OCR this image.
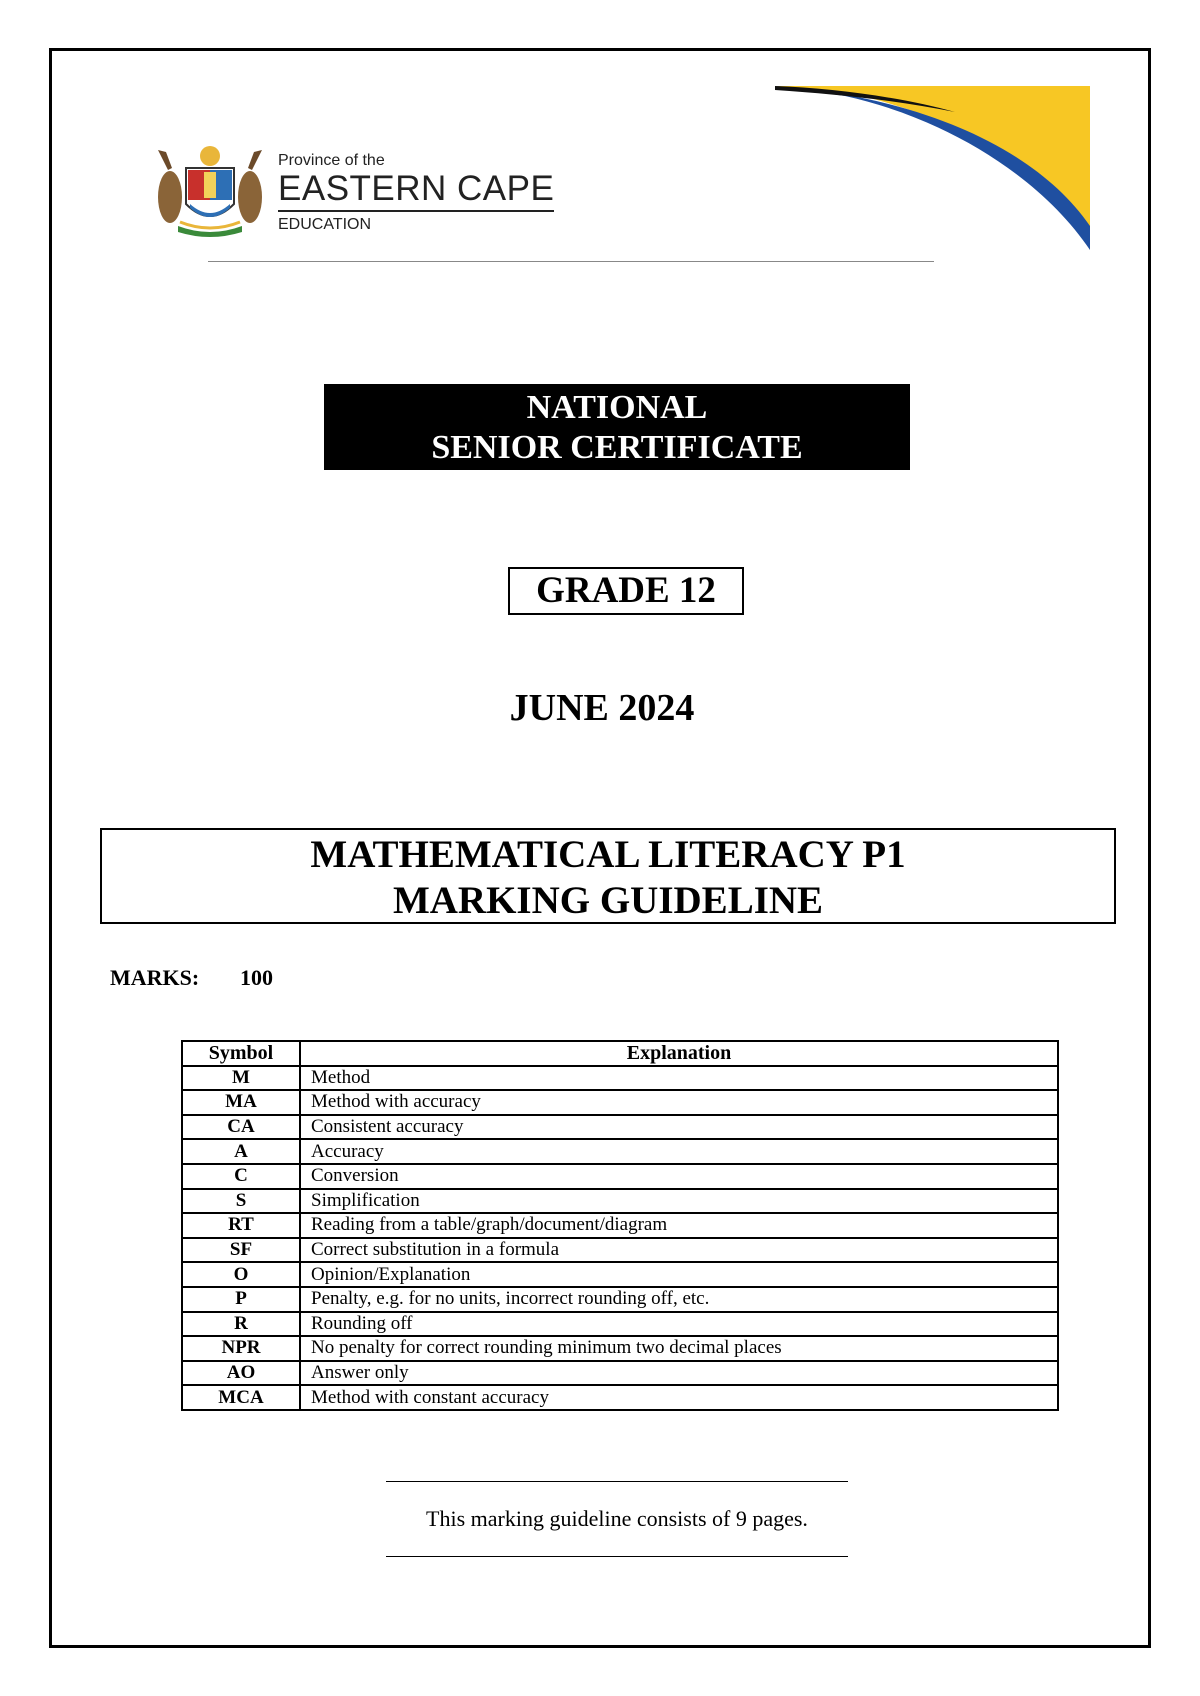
Province of the
EASTERN CAPE
EDUCATION
NATIONAL
SENIOR CERTIFICATE
GRADE 12
JUNE 2024
MATHEMATICAL LITERACY P1
MARKING GUIDELINE
MARKS: 100
Symbol	Explanation
M	Method
MA	Method with accuracy
CA	Consistent accuracy
A	Accuracy
C	Conversion
S	Simplification
RT	Reading from a table/graph/document/diagram
SF	Correct substitution in a formula
O	Opinion/Explanation
P	Penalty, e.g. for no units, incorrect rounding off, etc.
R	Rounding off
NPR	No penalty for correct rounding minimum two decimal places
AO	Answer only
MCA	Method with constant accuracy
This marking guideline consists of 9 pages.
